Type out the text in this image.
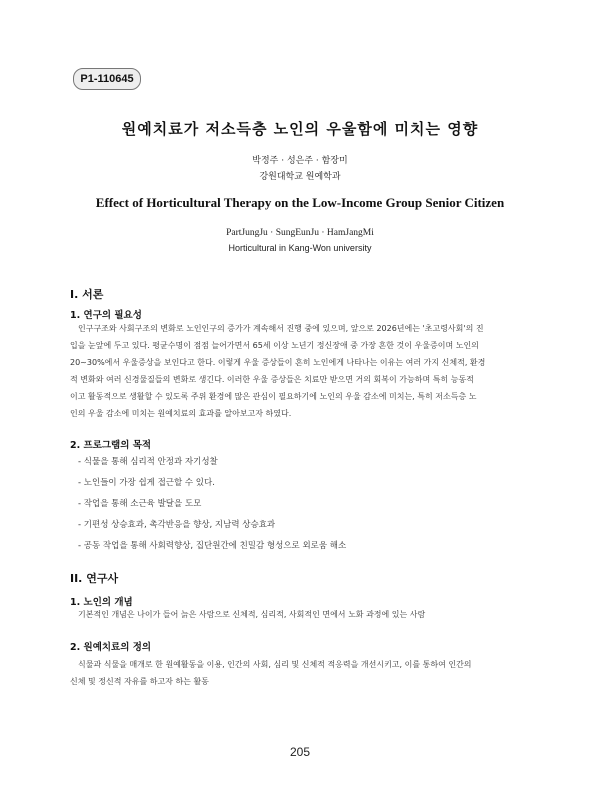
P1-110645
원예치료가 저소득층 노인의 우울함에 미치는 영향
박정주 · 성은주 · 함장미
강원대학교 원예학과
Effect of Horticultural Therapy on the Low-Income Group Senior Citizen
PartJungJu · SungEunJu · HamJangMi
Horticultural in Kang-Won university
I. 서론
1. 연구의 필요성
인구구조와 사회구조의 변화로 노인인구의 증가가 계속해서 진행 중에 있으며, 앞으로 2026년에는 '초고령사회'의 진
입을 눈앞에 두고 있다. 평균수명이 점점 늘어가면서 65세 이상 노년기 정신장애 중 가장 흔한 것이 우울증이며 노인의
20~30%에서 우울증상을 보인다고 한다. 이렇게 우울 증상들이 흔히 노인에게 나타나는 이유는 여러 가지 신체적, 환경
적 변화와 여러 신경물질들의 변화로 생긴다. 이러한 우울 증상들은 치료만 받으면 거의 회복이 가능하며 특히 능동적
이고 활동적으로 생활할 수 있도록 주위 환경에 많은 관심이 필요하기에 노인의 우울 감소에 미치는, 특히 저소득층 노
인의 우울 감소에 미치는 원예치료의 효과를 알아보고자 하였다.
2. 프로그램의 목적
- 식물을 통해 심리적 안정과 자기성찰
- 노인들이 가장 쉽게 접근할 수 있다.
- 작업을 통해 소근육 발달을 도모
- 기편성 상승효과, 촉각반응을 향상, 지남력 상승효과
- 공동 작업을 통해 사회력향상, 집단원간에 친밀감 형성으로 외로움 해소
II. 연구사
1. 노인의 개념
기본적인 개념은 나이가 들어 늙은 사람으로 신체적, 심리적, 사회적인 면에서 노화 과정에 있는 사람
2. 원예치료의 정의
식물과 식물을 매개로 한 원예활동을 이용, 인간의 사회, 심리 및 신체적 적응력을 개선시키고, 이를 통하여 인간의
신체 및 정신적 자유를 하고자 하는 활동
205
